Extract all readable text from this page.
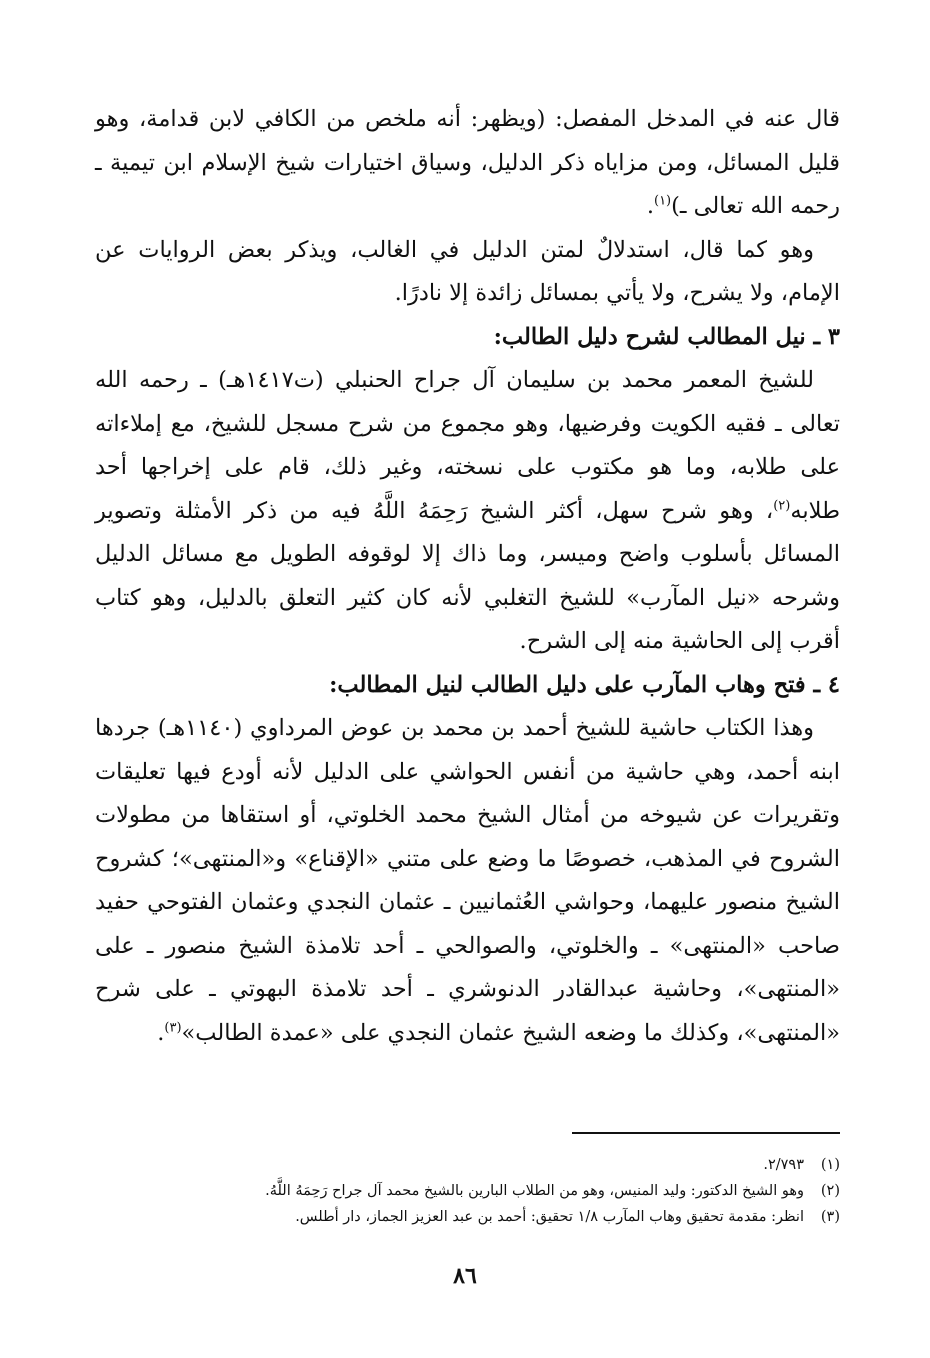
قال عنه في المدخل المفصل: (ويظهر: أنه ملخص من الكافي لابن قدامة، وهو قليل المسائل، ومن مزاياه ذكر الدليل، وسياق اختيارات شيخ الإسلام ابن تيمية ـ رحمه الله تعالى ـ)$^{(١)}$.

وهو كما قال، استدلالٌ لمتن الدليل في الغالب، ويذكر بعض الروايات عن الإمام، ولا يشرح، ولا يأتي بمسائل زائدة إلا نادرًا.

٣ ـ نيل المطالب لشرح دليل الطالب:

للشيخ المعمر محمد بن سليمان آل جراح الحنبلي (ت١٤١٧هـ) ـ رحمه الله تعالى ـ فقيه الكويت وفرضيها، وهو مجموع من شرح مسجل للشيخ، مع إملاءاته على طلابه، وما هو مكتوب على نسخته، وغير ذلك، قام على إخراجها أحد طلابه$^{(٢)}$، وهو شرح سهل، أكثر الشيخ رَحِمَهُ اللَّهُ فيه من ذكر الأمثلة وتصوير المسائل بأسلوب واضح وميسر، وما ذاك إلا لوقوفه الطويل مع مسائل الدليل وشرحه «نيل المآرب» للشيخ التغلبي لأنه كان كثير التعلق بالدليل، وهو كتاب أقرب إلى الحاشية منه إلى الشرح.

٤ ـ فتح وهاب المآرب على دليل الطالب لنيل المطالب:

وهذا الكتاب حاشية للشيخ أحمد بن محمد بن عوض المرداوي (١١٤٠هـ) جردها ابنه أحمد، وهي حاشية من أنفس الحواشي على الدليل لأنه أودع فيها تعليقات وتقريرات عن شيوخه من أمثال الشيخ محمد الخلوتي، أو استقاها من مطولات الشروح في المذهب، خصوصًا ما وضع على متني «الإقناع» و«المنتهى»؛ كشروح الشيخ منصور عليهما، وحواشي العُثمانيين ـ عثمان النجدي وعثمان الفتوحي حفيد صاحب «المنتهى» ـ والخلوتي، والصوالحي ـ أحد تلامذة الشيخ منصور ـ على «المنتهى»، وحاشية عبدالقادر الدنوشري ـ أحد تلامذة البهوتي ـ على شرح «المنتهى»، وكذلك ما وضعه الشيخ عثمان النجدي على «عمدة الطالب»$^{(٣)}$.

(١)٢/٧٩٣.

(٢)وهو الشيخ الدكتور: وليد المنيس، وهو من الطلاب البارين بالشيخ محمد آل جراح رَحِمَهُ اللَّهُ.

(٣)انظر: مقدمة تحقيق وهاب المآرب ١/٨ تحقيق: أحمد بن عبد العزيز الجماز، دار أطلس.

٨٦
